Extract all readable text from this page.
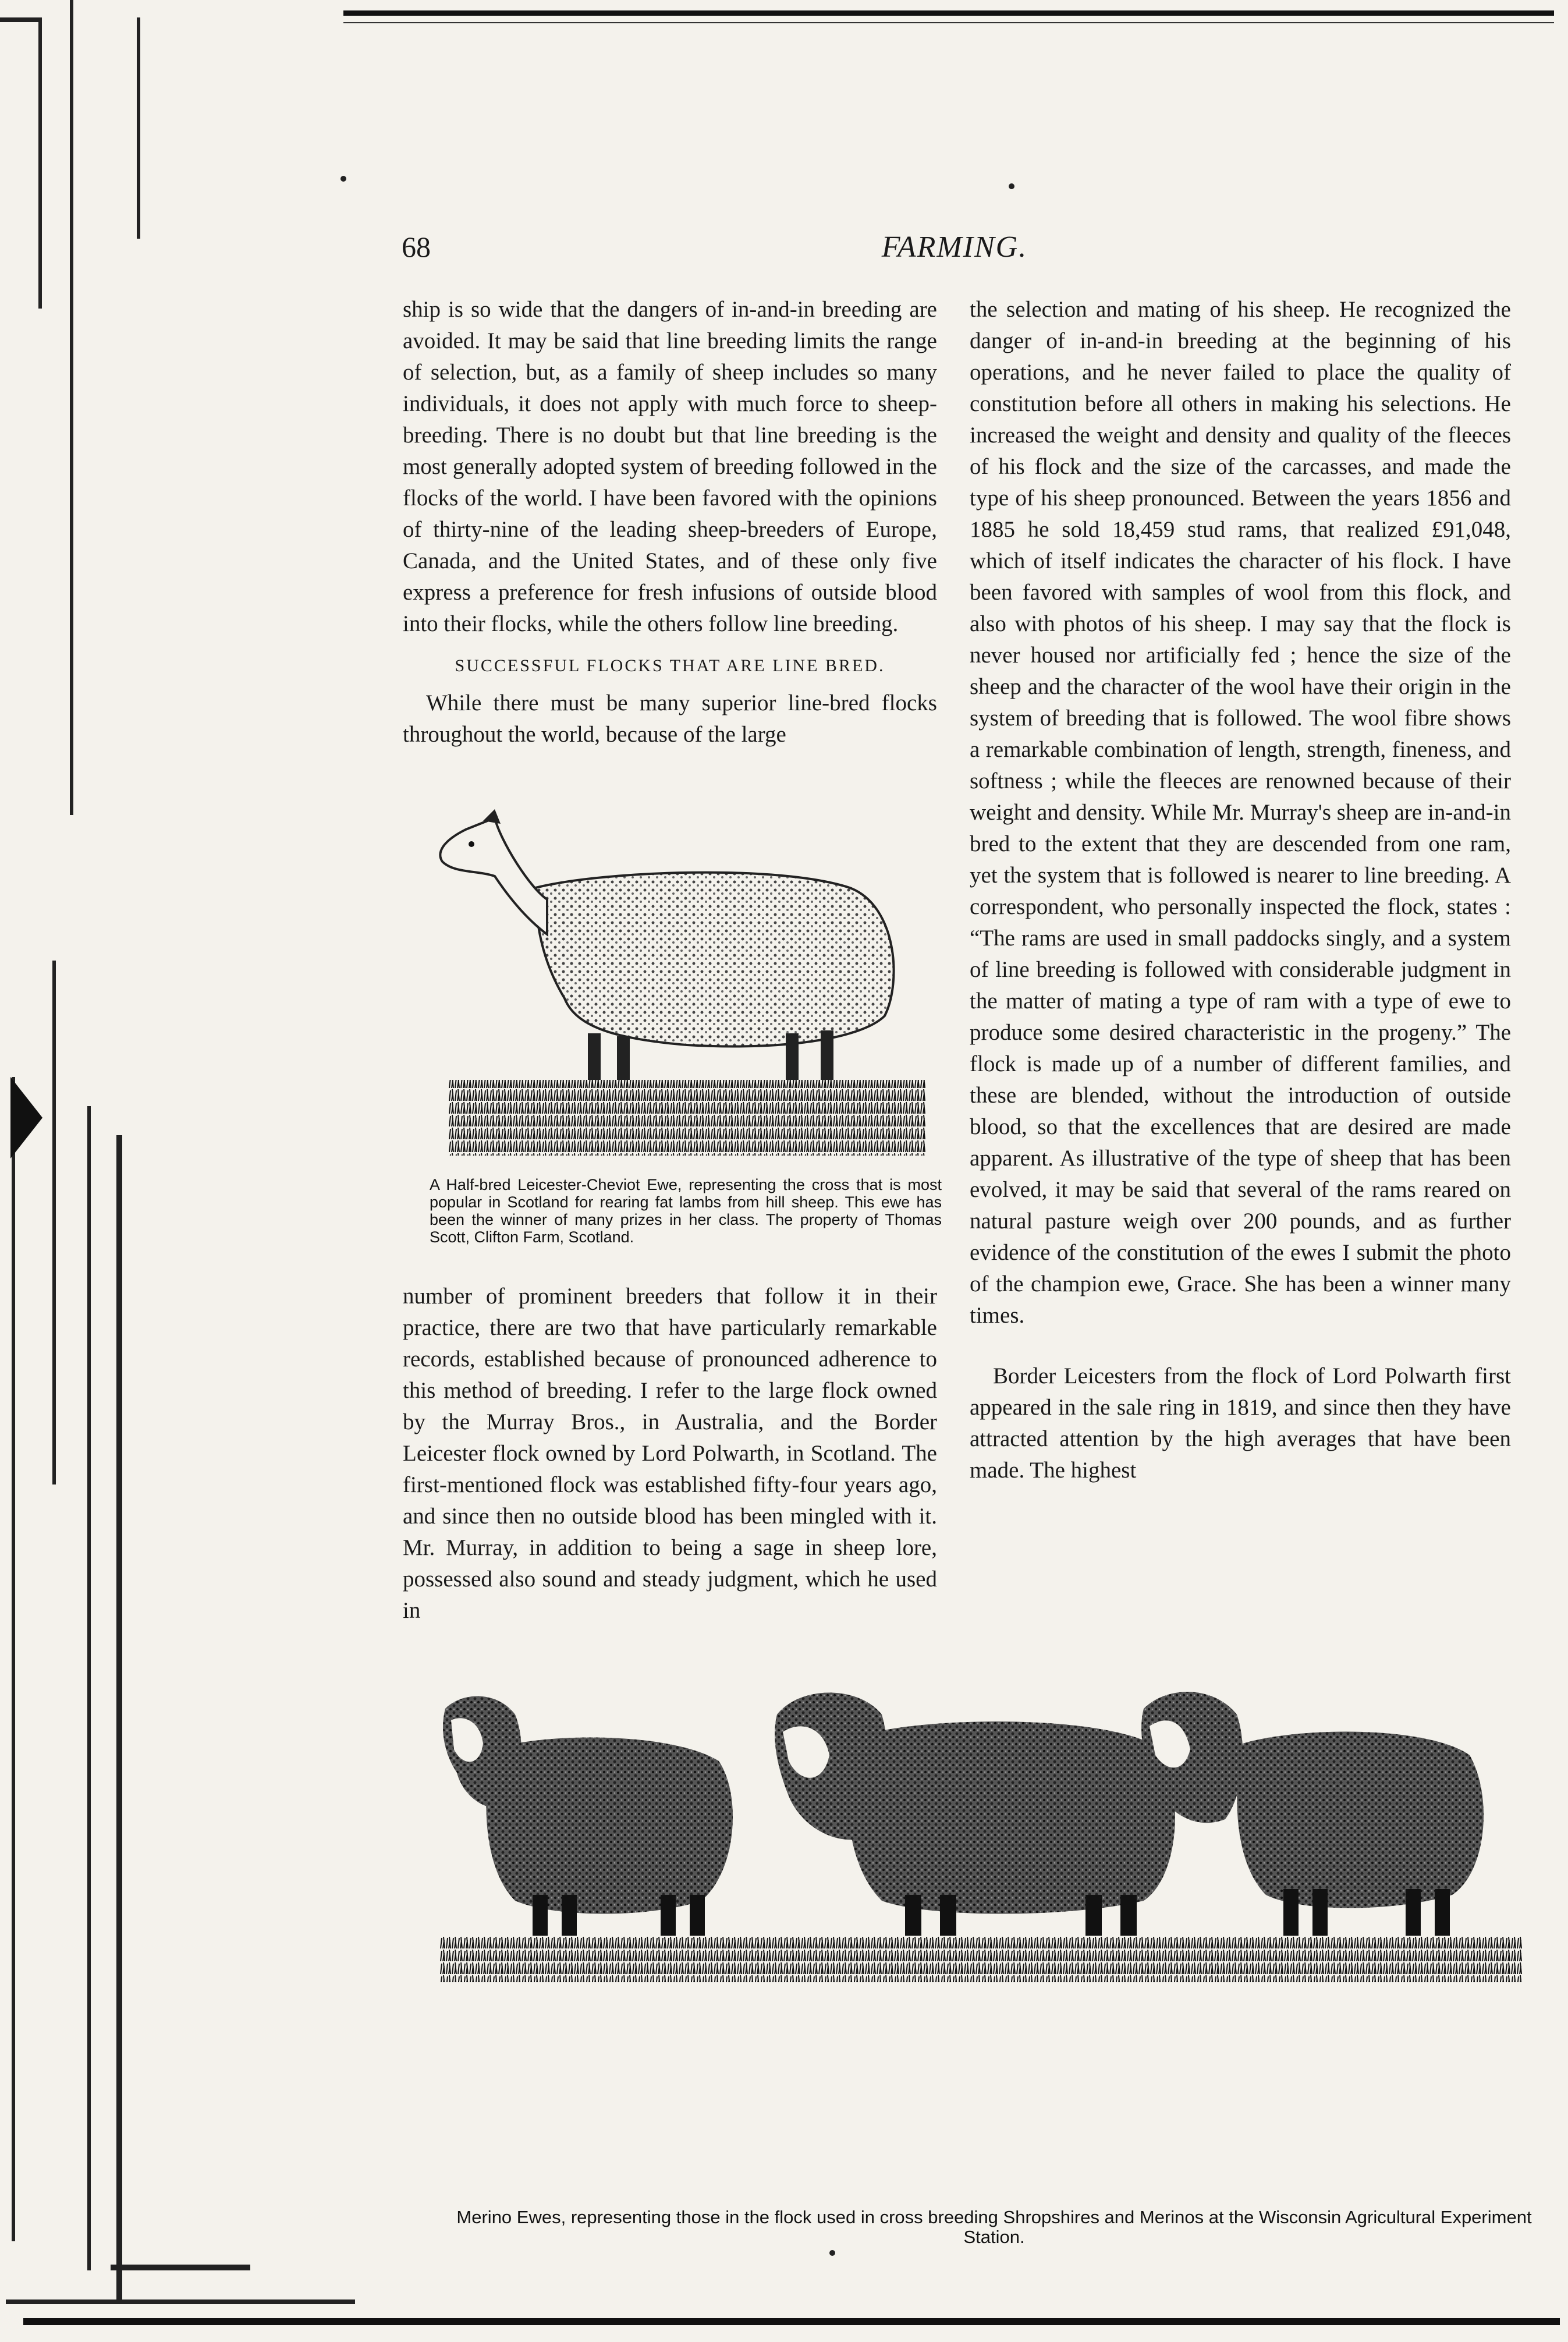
68	FARMING.

ship is so wide that the dangers of in-and-in breeding are avoided. It may be said that line breeding limits the range of selection, but, as a family of sheep includes so many individuals, it does not apply with much force to sheep-breeding. There is no doubt but that line breeding is the most generally adopted system of breeding followed in the flocks of the world. I have been favored with the opinions of thirty-nine of the leading sheep-breeders of Europe, Canada, and the United States, and of these only five express a preference for fresh infusions of outside blood into their flocks, while the others follow line breeding.

SUCCESSFUL FLOCKS THAT ARE LINE BRED.

While there must be many superior line-bred flocks throughout the world, because of the large

A Half-bred Leicester-Cheviot Ewe, representing the cross that is most popular in Scotland for rearing fat lambs from hill sheep. This ewe has been the winner of many prizes in her class. The property of Thomas Scott, Clifton Farm, Scotland.

number of prominent breeders that follow it in their practice, there are two that have particularly remarkable records, established because of pronounced adherence to this method of breeding. I refer to the large flock owned by the Murray Bros., in Australia, and the Border Leicester flock owned by Lord Polwarth, in Scotland. The first-mentioned flock was established fifty-four years ago, and since then no outside blood has been mingled with it. Mr. Murray, in addition to being a sage in sheep lore, possessed also sound and steady judgment, which he used in

the selection and mating of his sheep. He recognized the danger of in-and-in breeding at the beginning of his operations, and he never failed to place the quality of constitution before all others in making his selections. He increased the weight and density and quality of the fleeces of his flock and the size of the carcasses, and made the type of his sheep pronounced. Between the years 1856 and 1885 he sold 18,459 stud rams, that realized £91,048, which of itself indicates the character of his flock. I have been favored with samples of wool from this flock, and also with photos of his sheep. I may say that the flock is never housed nor artificially fed ; hence the size of the sheep and the character of the wool have their origin in the system of breeding that is followed. The wool fibre shows a remarkable combination of length, strength, fineness, and softness ; while the fleeces are renowned because of their weight and density. While Mr. Murray's sheep are in-and-in bred to the extent that they are descended from one ram, yet the system that is followed is nearer to line breeding. A correspondent, who personally inspected the flock, states : “The rams are used in small paddocks singly, and a system of line breeding is followed with considerable judgment in the matter of mating a type of ram with a type of ewe to produce some desired characteristic in the progeny.” The flock is made up of a number of different families, and these are blended, without the introduction of outside blood, so that the excellences that are desired are made apparent. As illustrative of the type of sheep that has been evolved, it may be said that several of the rams reared on natural pasture weigh over 200 pounds, and as further evidence of the constitution of the ewes I submit the photo of the champion ewe, Grace. She has been a winner many times.

Border Leicesters from the flock of Lord Polwarth first appeared in the sale ring in 1819, and since then they have attracted attention by the high averages that have been made. The highest

Merino Ewes, representing those in the flock used in cross breeding Shropshires and Merinos at the Wisconsin Agricultural Experiment Station.
